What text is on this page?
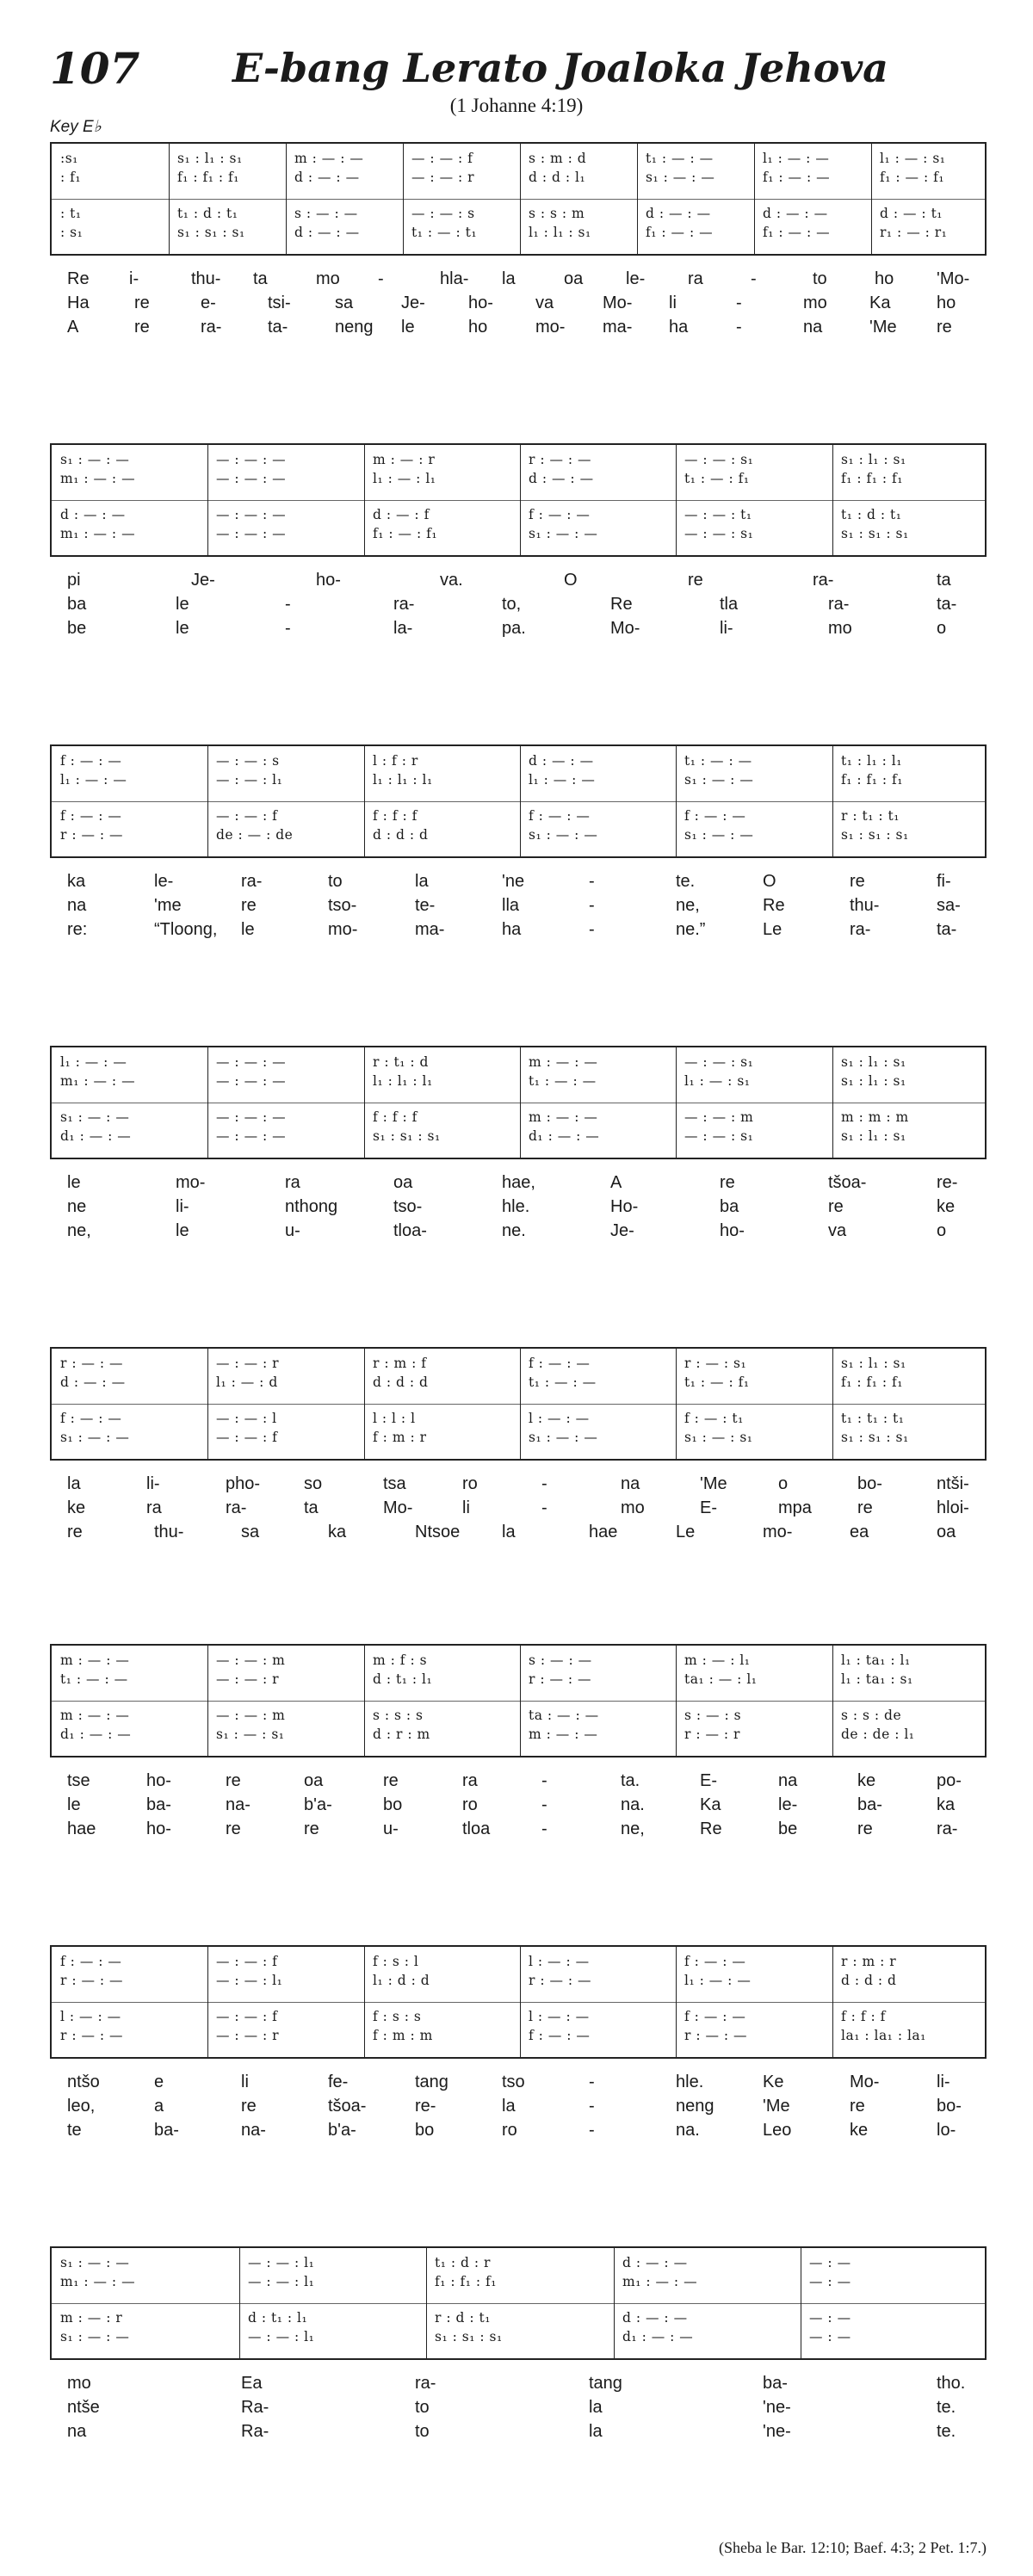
107 E-bang Lerato Joaloka Jehova
(1 Johanne 4:19)
Key E♭
:s₁	s₁ : l₁ : s₁	m : — : —	— : — : f	s : m : d	t₁ : — : —	l₁ : — : —	l₁ : — : s₁
: f₁	f₁ : f₁ : f₁	d : — : —	— : — : r	d : d : l₁	s₁ : — : —	f₁ : — : —	f₁ : — : f₁
: t₁	t₁ : d : t₁	s : — : —	— : — : s	s : s : m	d : — : —	d : — : —	d : — : t₁
: s₁	s₁ : s₁ : s₁	d : — : —	t₁ : — : t₁	l₁ : l₁ : s₁	f₁ : — : —	f₁ : — : —	r₁ : — : r₁
Re i-	thu- ta	mo -	hla- la	oa le- ra	-	to	ho 'Mo-
Ha	re	e-	tsi-	sa	Je-	ho- va	Mo- li	-	mo Ka	ho
A	re	ra-	ta-	neng le	ho	mo- ma- ha	-	na	'Me re
s₁ : — : —	— : — : —	m : — : r	r : — : —	— : — : s₁	s₁ : l₁ : s₁
m₁ : — : —	— : — : —	l₁ : — : l₁	d : — : —	t₁ : — : f₁	f₁ : f₁ : f₁
d : — : —	— : — : —	d : — : f	f : — : —	— : — : t₁	t₁ : d : t₁
m₁ : — : —	— : — : —	f₁ : — : f₁	s₁ : — : —	— : — : s₁	s₁ : s₁ : s₁
pi	Je-	ho-	va.	O	re	ra-	ta
ba	le	-	ra-	to,	Re	tla	ra-	ta-
be	le	-	la-	pa.	Mo-	li-	mo	o
f : — : —	— : — : s	l : f : r	d : — : —	t₁ : — : —	t₁ : l₁ : l₁
l₁ : — : —	— : — : l₁	l₁ : l₁ : l₁	l₁ : — : —	s₁ : — : —	f₁ : f₁ : f₁
f : — : —	— : — : f	f : f : f	f : — : —	f : — : —	r : t₁ : t₁
r : — : —	de : — : de	d : d : d	s₁ : — : —	s₁ : — : —	s₁ : s₁ : s₁
ka	le-	ra-	to	la	'ne	-	te.	O	re	fi-
na	'me	re	tso-	te-	lla	-	ne,	Re	thu-	sa-
re:	“Tloong, le	mo-	ma-	ha	-	ne.”	Le	ra-	ta-
l₁ : — : —	— : — : —	r : t₁ : d	m : — : —	— : — : s₁	s₁ : l₁ : s₁
m₁ : — : —	— : — : —	l₁ : l₁ : l₁	t₁ : — : —	l₁ : — : s₁	s₁ : l₁ : s₁
s₁ : — : —	— : — : —	f : f : f	m : — : —	— : — : m	m : m : m
d₁ : — : —	— : — : —	s₁ : s₁ : s₁	d₁ : — : —	— : — : s₁	s₁ : l₁ : s₁
le	mo-	ra	oa	hae,	A	re	tšoa-	re-
ne	li-	nthong	tso-	hle.	Ho-	ba	re	ke
ne,	le	u-	tloa-	ne.	Je-	ho-	va	o
r : — : —	— : — : r	r : m : f	f : — : —	r : — : s₁	s₁ : l₁ : s₁
d : — : —	l₁ : — : d	d : d : d	t₁ : — : —	t₁ : — : f₁	f₁ : f₁ : f₁
f : — : —	— : — : l	l : l : l	l : — : —	f : — : t₁	t₁ : t₁ : t₁
s₁ : — : —	— : — : f	f : m : r	s₁ : — : —	s₁ : — : s₁	s₁ : s₁ : s₁
la	li-	pho-	so	tsa	ro	-	na	'Me	o	bo-	ntši-
ke	ra	ra-	ta	Mo-	li	-	mo	E-	mpa	re	hloi-
re	thu-	sa	ka	Ntsoe la	hae	Le	mo-	ea	oa
m : — : —	— : — : m	m : f : s	s : — : —	m : — : l₁	l₁ : ta₁ : l₁
t₁ : — : —	— : — : r	d : t₁ : l₁	r : — : —	ta₁ : — : l₁	l₁ : ta₁ : s₁
m : — : —	— : — : m	s : s : s	ta : — : —	s : — : s	s : s : de
d₁ : — : —	s₁ : — : s₁	d : r : m	m : — : —	r : — : r	de : de : l₁
tse	ho-	re	oa	re	ra	-	ta.	E-	na	ke	po-
le	ba-	na-	b'a-	bo	ro	-	na.	Ka	le-	ba-	ka
hae	ho-	re	re	u-	tloa	-	ne,	Re	be	re	ra-
f : — : —	— : — : f	f : s : l	l : — : —	f : — : —	r : m : r
r : — : —	— : — : l₁	l₁ : d : d	r : — : —	l₁ : — : —	d : d : d
l : — : —	— : — : f	f : s : s	l : — : —	f : — : —	f : f : f
r : — : —	— : — : r	f : m : m	f : — : —	r : — : —	la₁ : la₁ : la₁
ntšo	e	li	fe-	tang	tso	-	hle.	Ke	Mo-	li-
leo,	a	re	tšoa-	re-	la	-	neng	'Me	re	bo-
te	ba-	na-	b'a-	bo	ro	-	na.	Leo	ke	lo-
s₁ : — : —	— : — : l₁	t₁ : d : r	d : — : —	— : —
m₁ : — : —	— : — : l₁	f₁ : f₁ : f₁	m₁ : — : —	— : —
m : — : r	d : t₁ : l₁	r : d : t₁	d : — : —	— : —
s₁ : — : —	— : — : l₁	s₁ : s₁ : s₁	d₁ : — : —	— : —
mo	Ea	ra-	tang	ba-	tho.
ntše	Ra-	to	la	'ne-	te.
na	Ra-	to	la	'ne-	te.
(Sheba le Bar. 12:10; Baef. 4:3; 2 Pet. 1:7.)
